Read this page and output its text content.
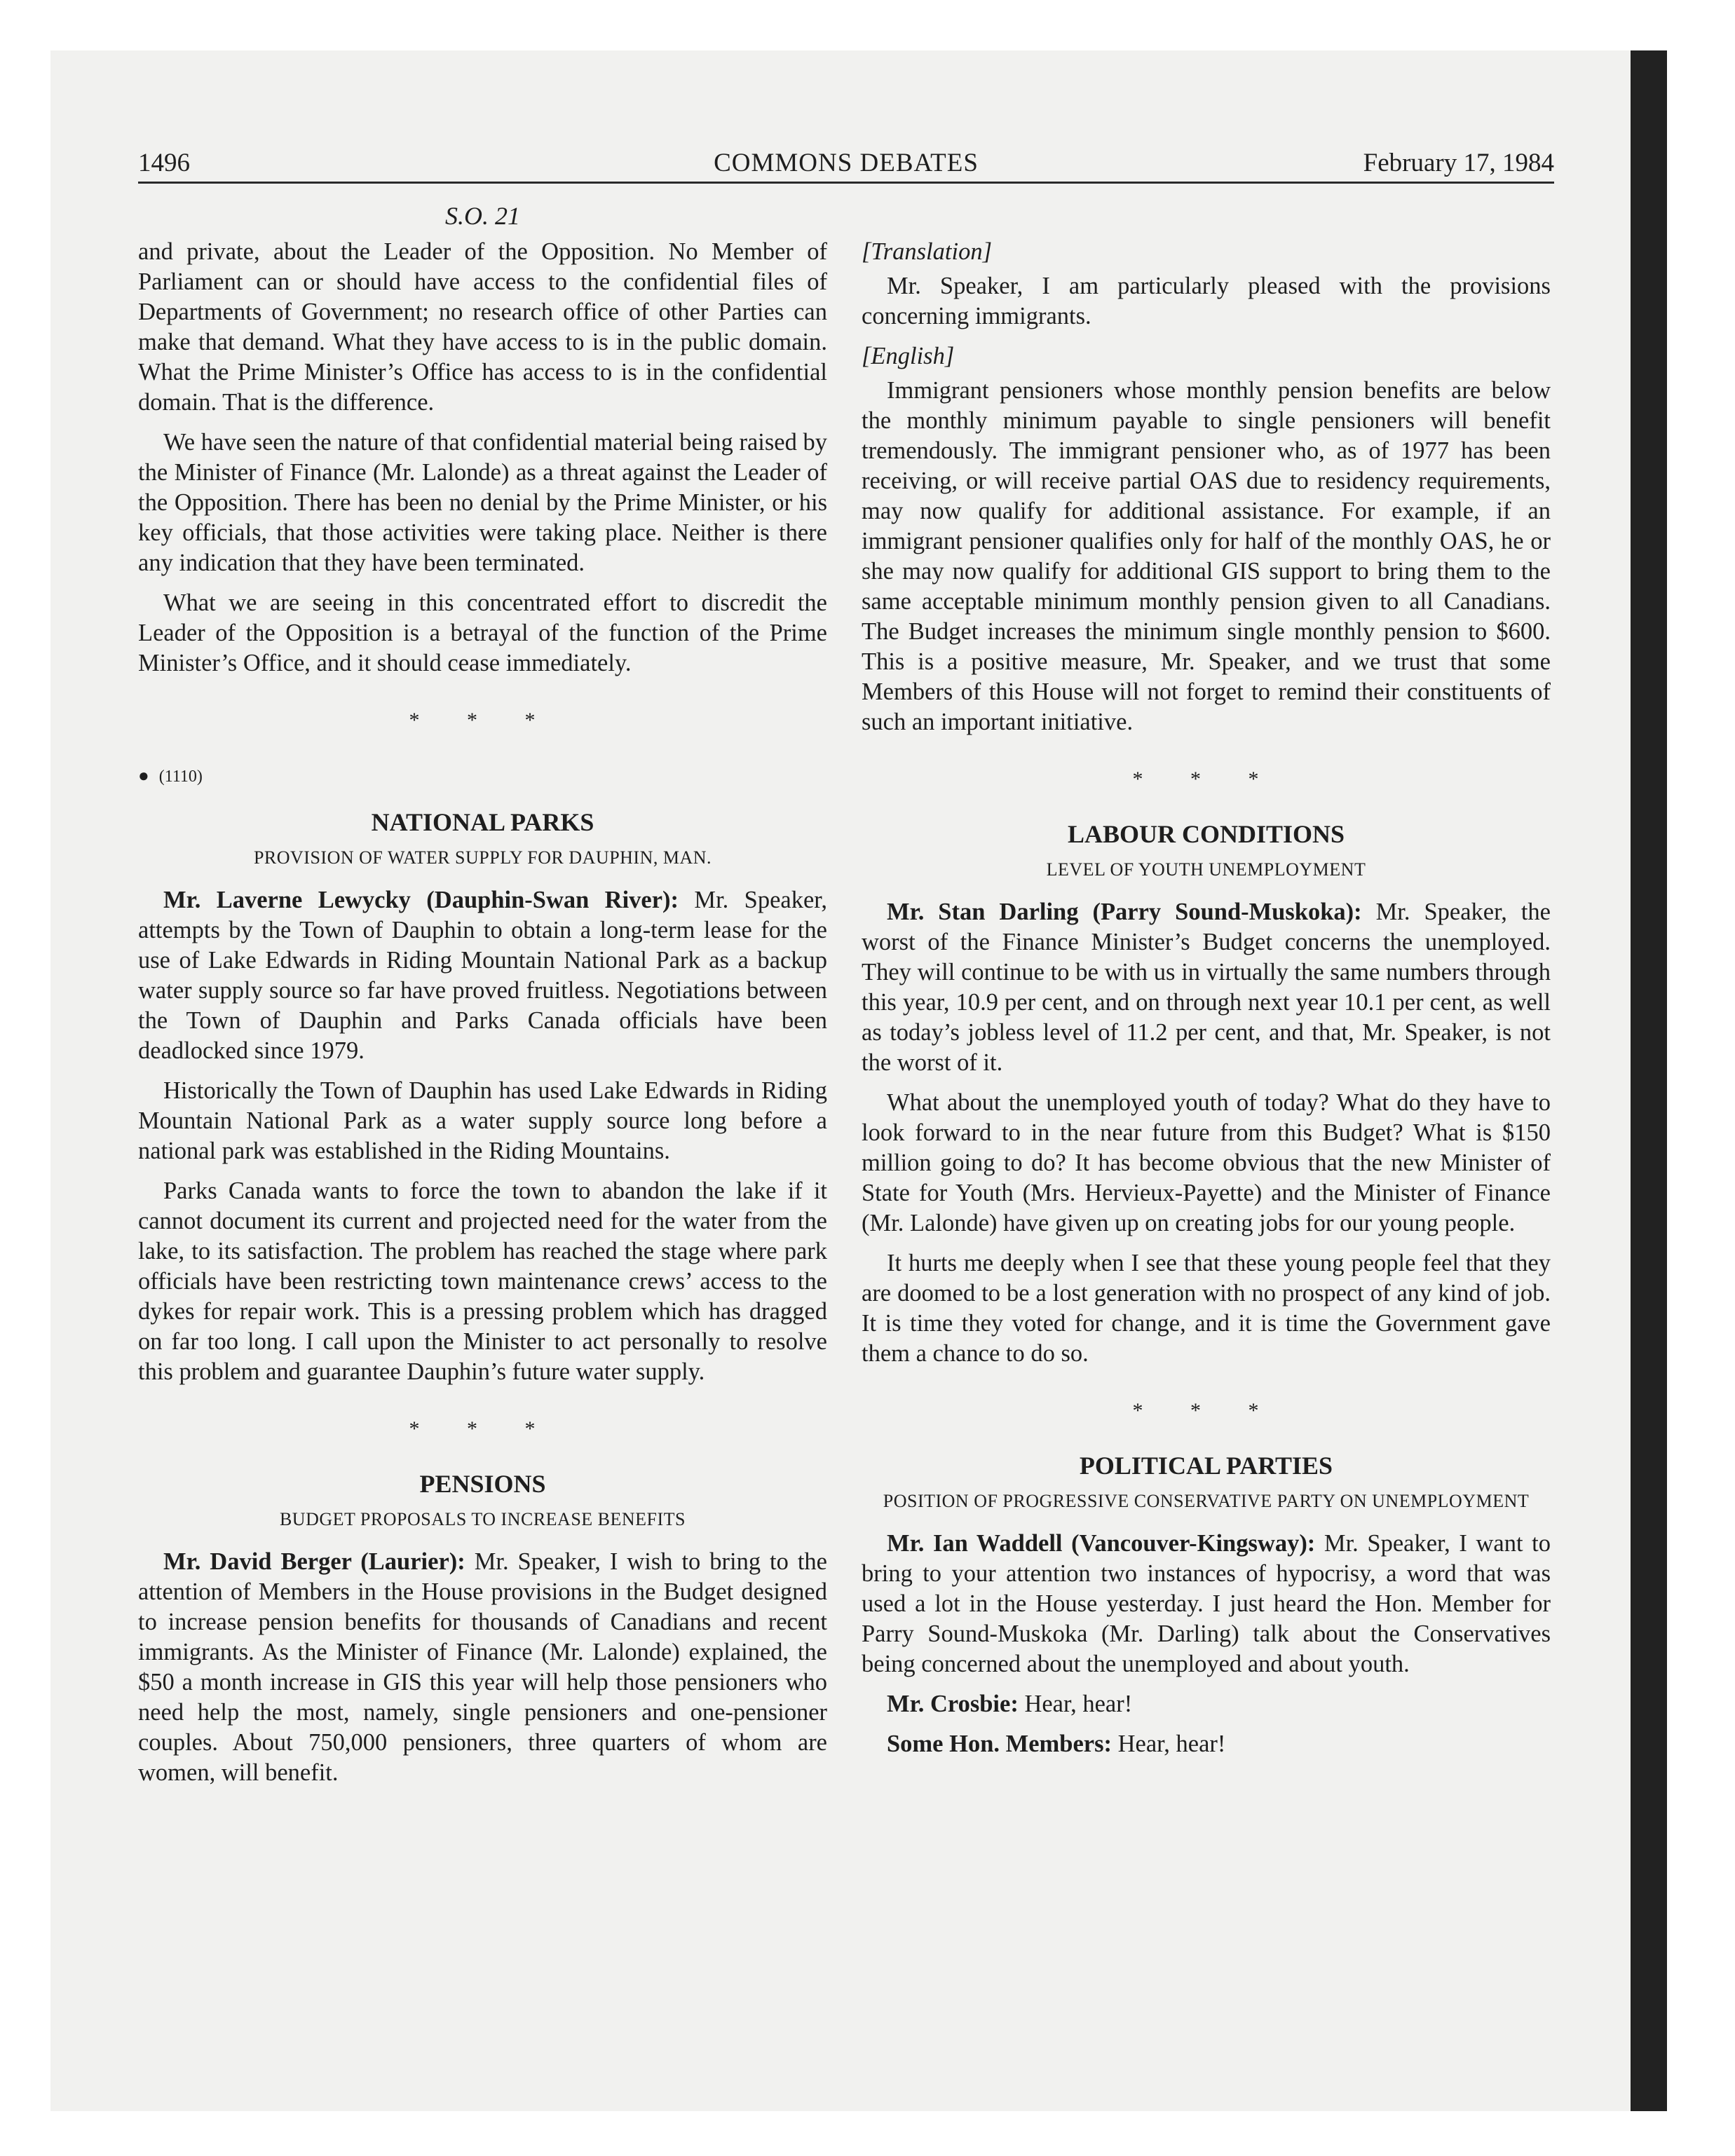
1496	COMMONS DEBATES	February 17, 1984
S.O. 21

and private, about the Leader of the Opposition. No Member of Parliament can or should have access to the confidential files of Departments of Government; no research office of other Parties can make that demand. What they have access to is in the public domain. What the Prime Minister’s Office has access to is in the confidential domain. That is the difference.

We have seen the nature of that confidential material being raised by the Minister of Finance (Mr. Lalonde) as a threat against the Leader of the Opposition. There has been no denial by the Prime Minister, or his key officials, that those activities were taking place. Neither is there any indication that they have been terminated.

What we are seeing in this concentrated effort to discredit the Leader of the Opposition is a betrayal of the function of the Prime Minister’s Office, and it should cease immediately.

* * *
● (1110)
NATIONAL PARKS
PROVISION OF WATER SUPPLY FOR DAUPHIN, MAN.

Mr. Laverne Lewycky (Dauphin-Swan River): Mr. Speaker, attempts by the Town of Dauphin to obtain a long-term lease for the use of Lake Edwards in Riding Mountain National Park as a backup water supply source so far have proved fruitless. Negotiations between the Town of Dauphin and Parks Canada officials have been deadlocked since 1979.

Historically the Town of Dauphin has used Lake Edwards in Riding Mountain National Park as a water supply source long before a national park was established in the Riding Mountains.

Parks Canada wants to force the town to abandon the lake if it cannot document its current and projected need for the water from the lake, to its satisfaction. The problem has reached the stage where park officials have been restricting town maintenance crews’ access to the dykes for repair work. This is a pressing problem which has dragged on far too long. I call upon the Minister to act personally to resolve this problem and guarantee Dauphin’s future water supply.

* * *
PENSIONS
BUDGET PROPOSALS TO INCREASE BENEFITS

Mr. David Berger (Laurier): Mr. Speaker, I wish to bring to the attention of Members in the House provisions in the Budget designed to increase pension benefits for thousands of Canadians and recent immigrants. As the Minister of Finance (Mr. Lalonde) explained, the $50 a month increase in GIS this year will help those pensioners who need help the most, namely, single pensioners and one-pensioner couples. About 750,000 pensioners, three quarters of whom are women, will benefit.

[Translation]

Mr. Speaker, I am particularly pleased with the provisions concerning immigrants.

[English]

Immigrant pensioners whose monthly pension benefits are below the monthly minimum payable to single pensioners will benefit tremendously. The immigrant pensioner who, as of 1977 has been receiving, or will receive partial OAS due to residency requirements, may now qualify for additional assistance. For example, if an immigrant pensioner qualifies only for half of the monthly OAS, he or she may now qualify for additional GIS support to bring them to the same acceptable minimum monthly pension given to all Canadians. The Budget increases the minimum single monthly pension to $600. This is a positive measure, Mr. Speaker, and we trust that some Members of this House will not forget to remind their constituents of such an important initiative.

* * *
LABOUR CONDITIONS
LEVEL OF YOUTH UNEMPLOYMENT

Mr. Stan Darling (Parry Sound-Muskoka): Mr. Speaker, the worst of the Finance Minister’s Budget concerns the unemployed. They will continue to be with us in virtually the same numbers through this year, 10.9 per cent, and on through next year 10.1 per cent, as well as today’s jobless level of 11.2 per cent, and that, Mr. Speaker, is not the worst of it.

What about the unemployed youth of today? What do they have to look forward to in the near future from this Budget? What is $150 million going to do? It has become obvious that the new Minister of State for Youth (Mrs. Hervieux-Payette) and the Minister of Finance (Mr. Lalonde) have given up on creating jobs for our young people.

It hurts me deeply when I see that these young people feel that they are doomed to be a lost generation with no prospect of any kind of job. It is time they voted for change, and it is time the Government gave them a chance to do so.

* * *
POLITICAL PARTIES
POSITION OF PROGRESSIVE CONSERVATIVE PARTY ON UNEMPLOYMENT

Mr. Ian Waddell (Vancouver-Kingsway): Mr. Speaker, I want to bring to your attention two instances of hypocrisy, a word that was used a lot in the House yesterday. I just heard the Hon. Member for Parry Sound-Muskoka (Mr. Darling) talk about the Conservatives being concerned about the unemployed and about youth.

Mr. Crosbie: Hear, hear!

Some Hon. Members: Hear, hear!
